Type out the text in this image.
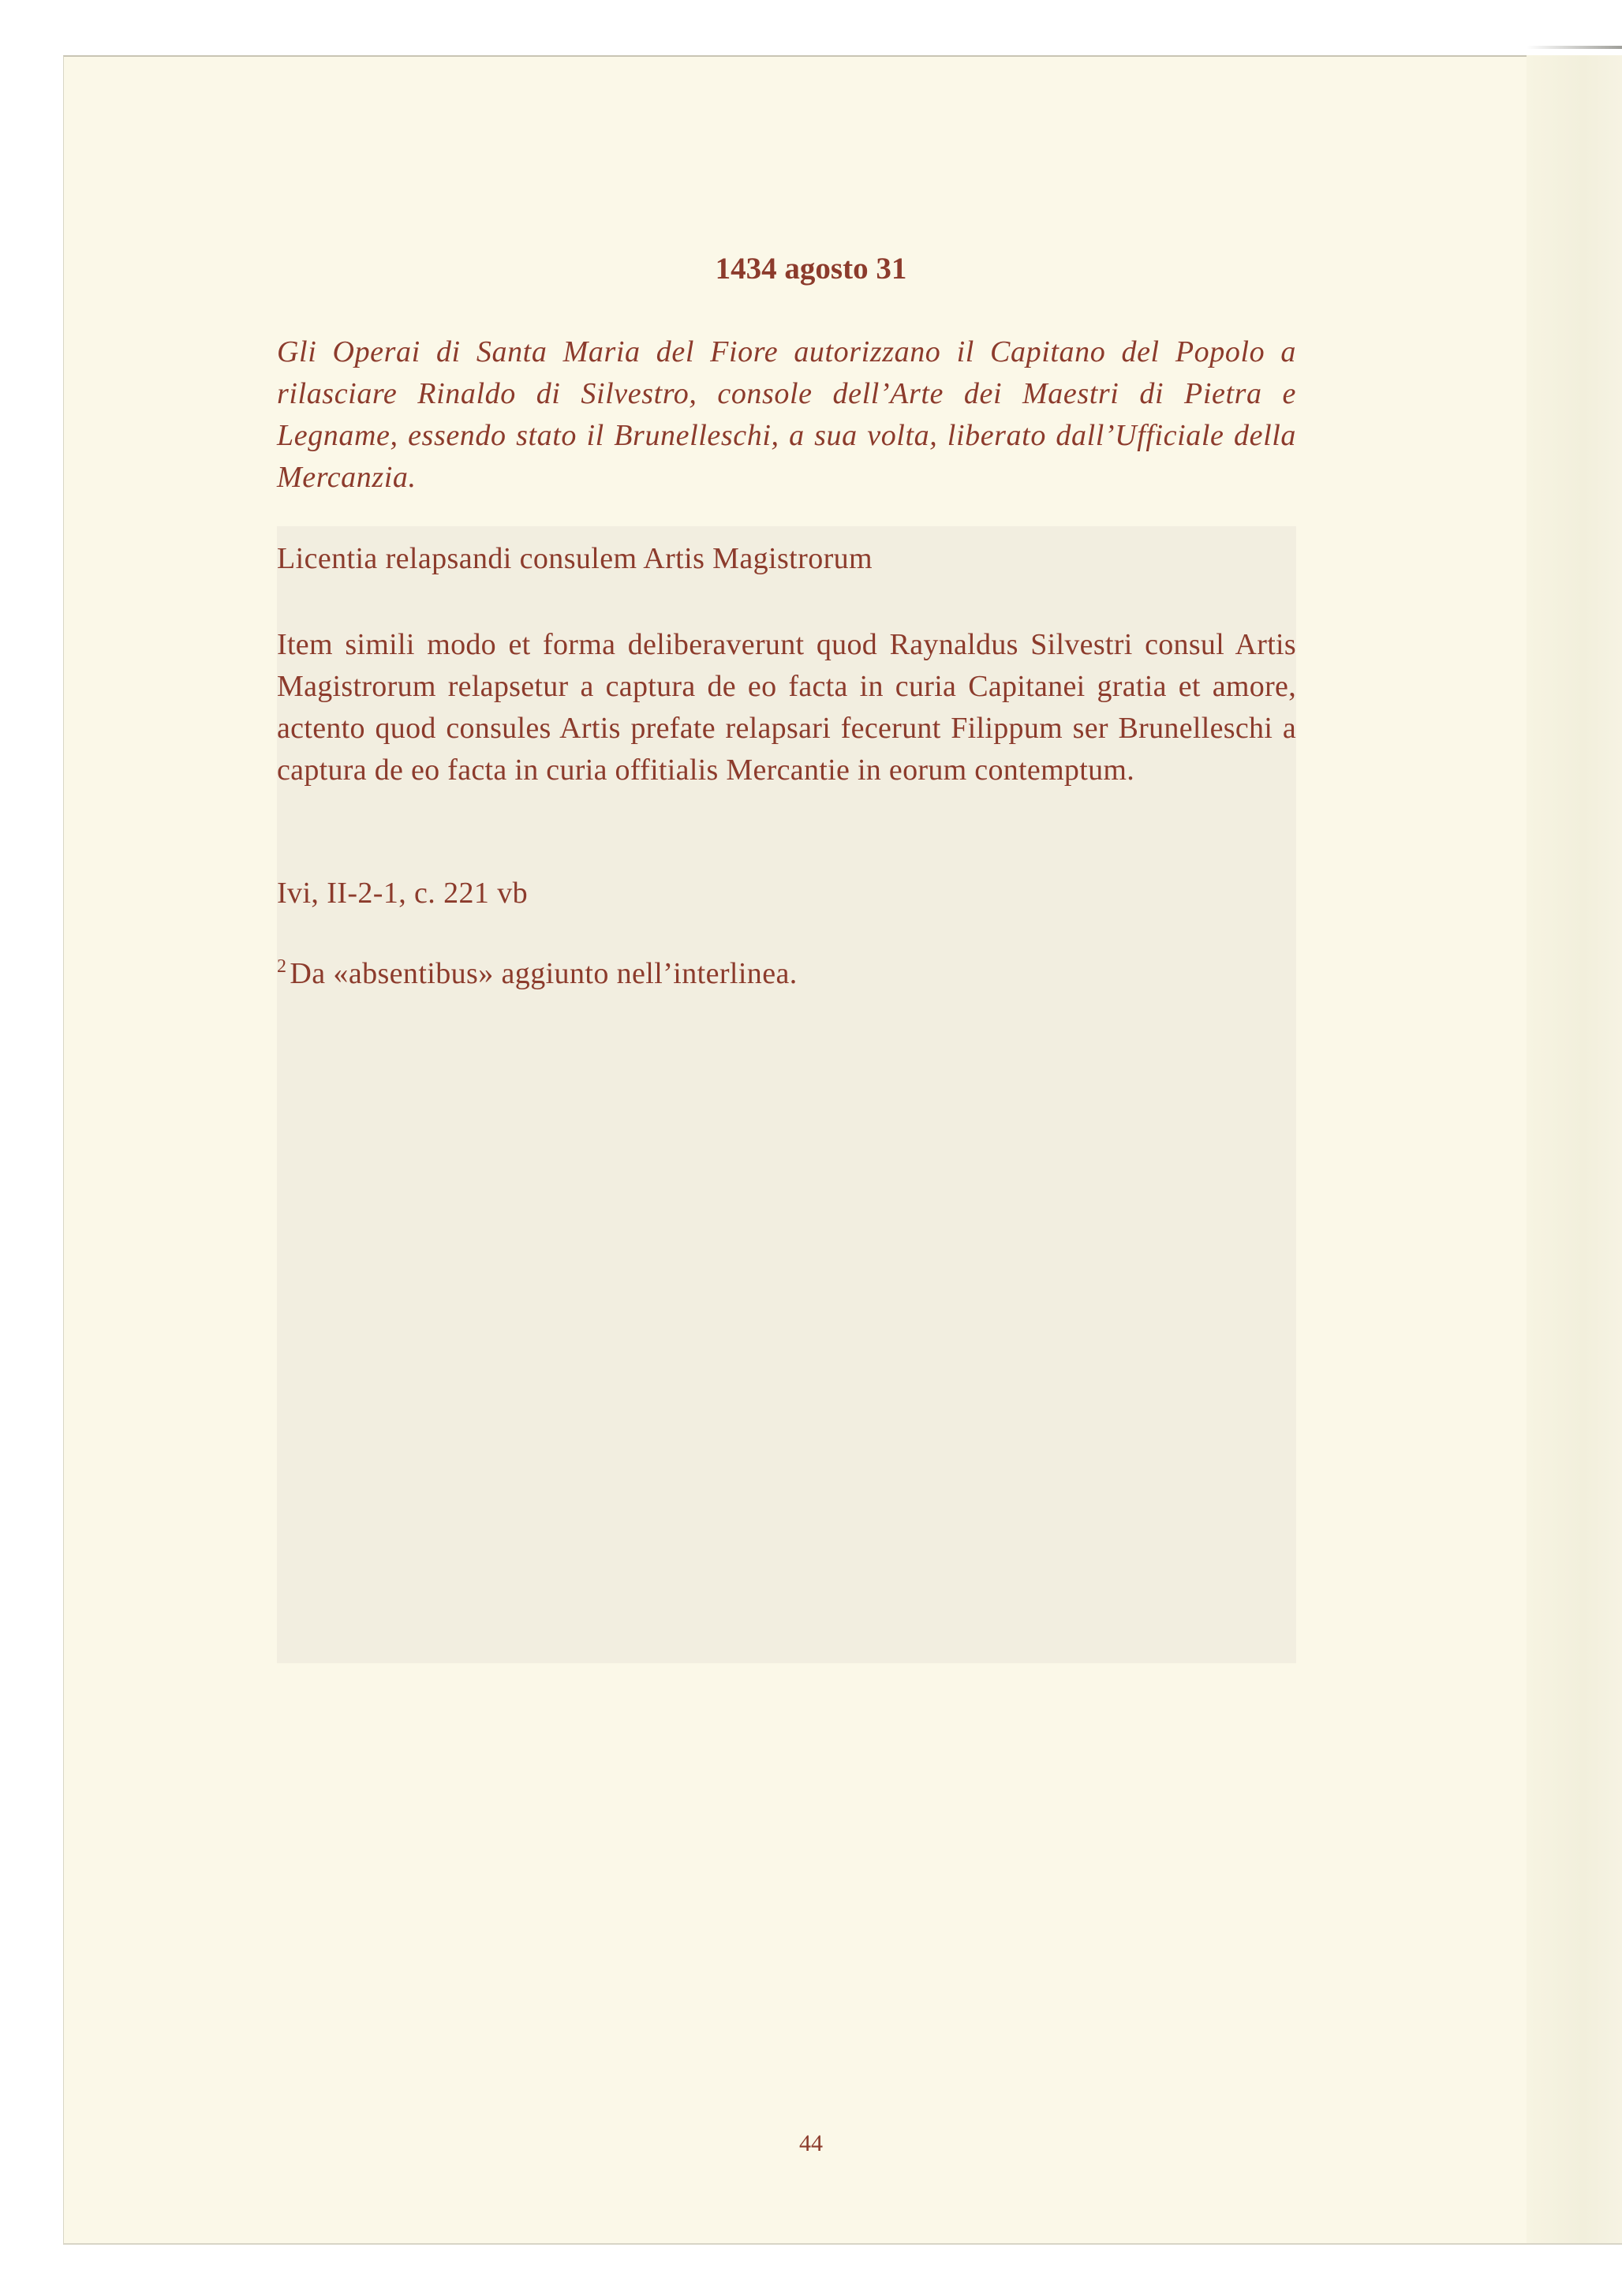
1434 agosto 31
Gli Operai di Santa Maria del Fiore autorizzano il Capitano del Popolo a rilasciare Rinaldo di Silvestro, console dell’Arte dei Maestri di Pietra e Legname, essendo stato il Brunelleschi, a sua volta, liberato dall’Ufficiale della Mercanzia.
Licentia relapsandi consulem Artis Magistrorum
Item simili modo et forma deliberaverunt quod Raynaldus Silvestri consul Artis Magistrorum relapsetur a captura de eo facta in curia Capitanei gratia et amore, actento quod consules Artis prefate relapsari fecerunt Filippum ser Brunelleschi a captura de eo facta in curia offitialis Mercantie in eorum contemptum.
Ivi, II-2-1, c. 221 vb
$^2$ Da «absentibus» aggiunto nell’interlinea.
44
